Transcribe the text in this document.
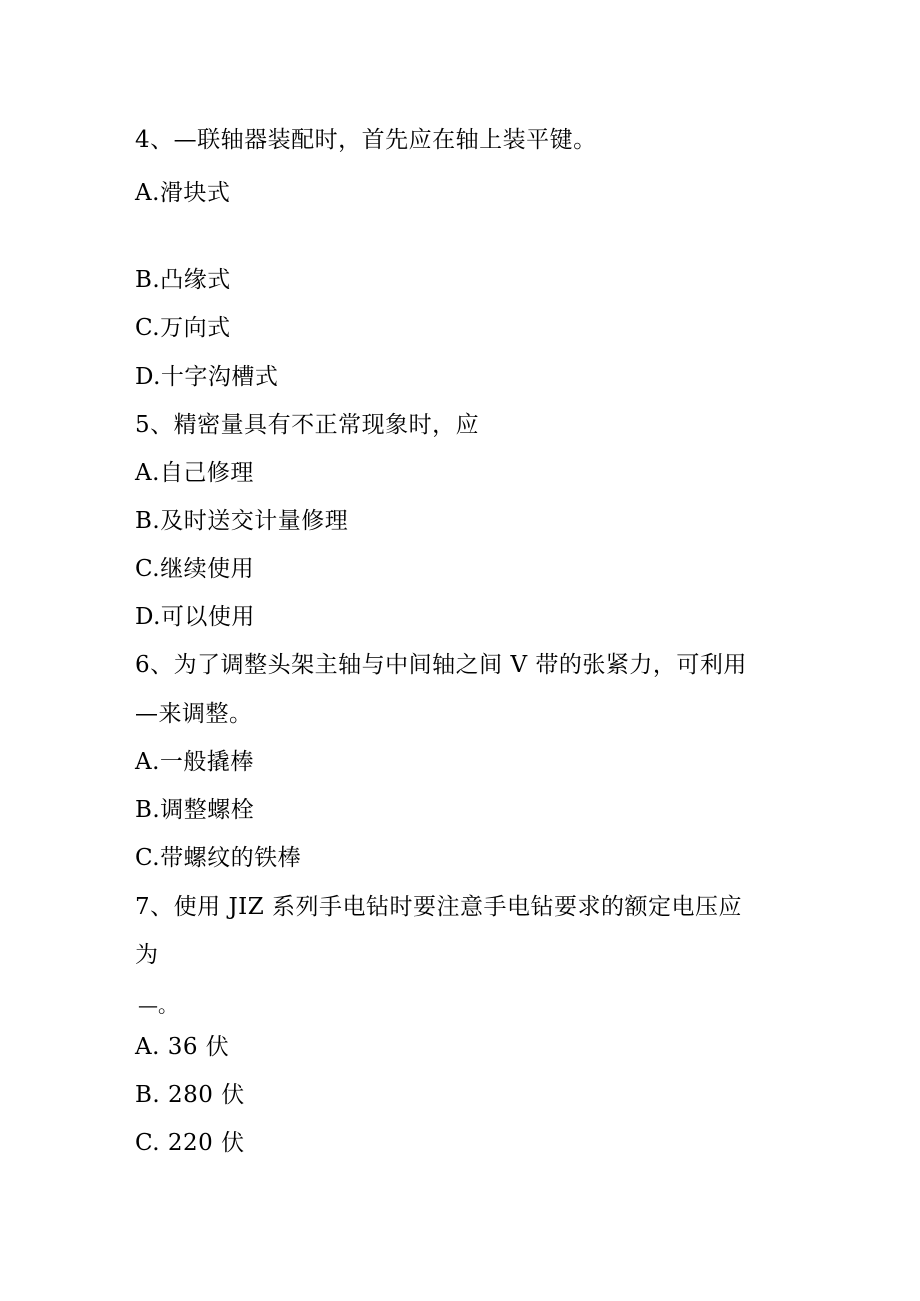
4、—联轴器装配时，首先应在轴上装平键。
A.滑块式
B.凸缘式
C.万向式
D.十字沟槽式
5、精密量具有不正常现象时，应
A.自己修理
B.及时送交计量修理
C.继续使用
D.可以使用
6、为了调整头架主轴与中间轴之间 V 带的张紧力，可利用
—来调整。
A.一般撬棒
B.调整螺栓
C.带螺纹的铁棒
7、使用 JIZ 系列手电钻时要注意手电钻要求的额定电压应
为
—。
A. 36 伏
B. 280 伏
C. 220 伏
